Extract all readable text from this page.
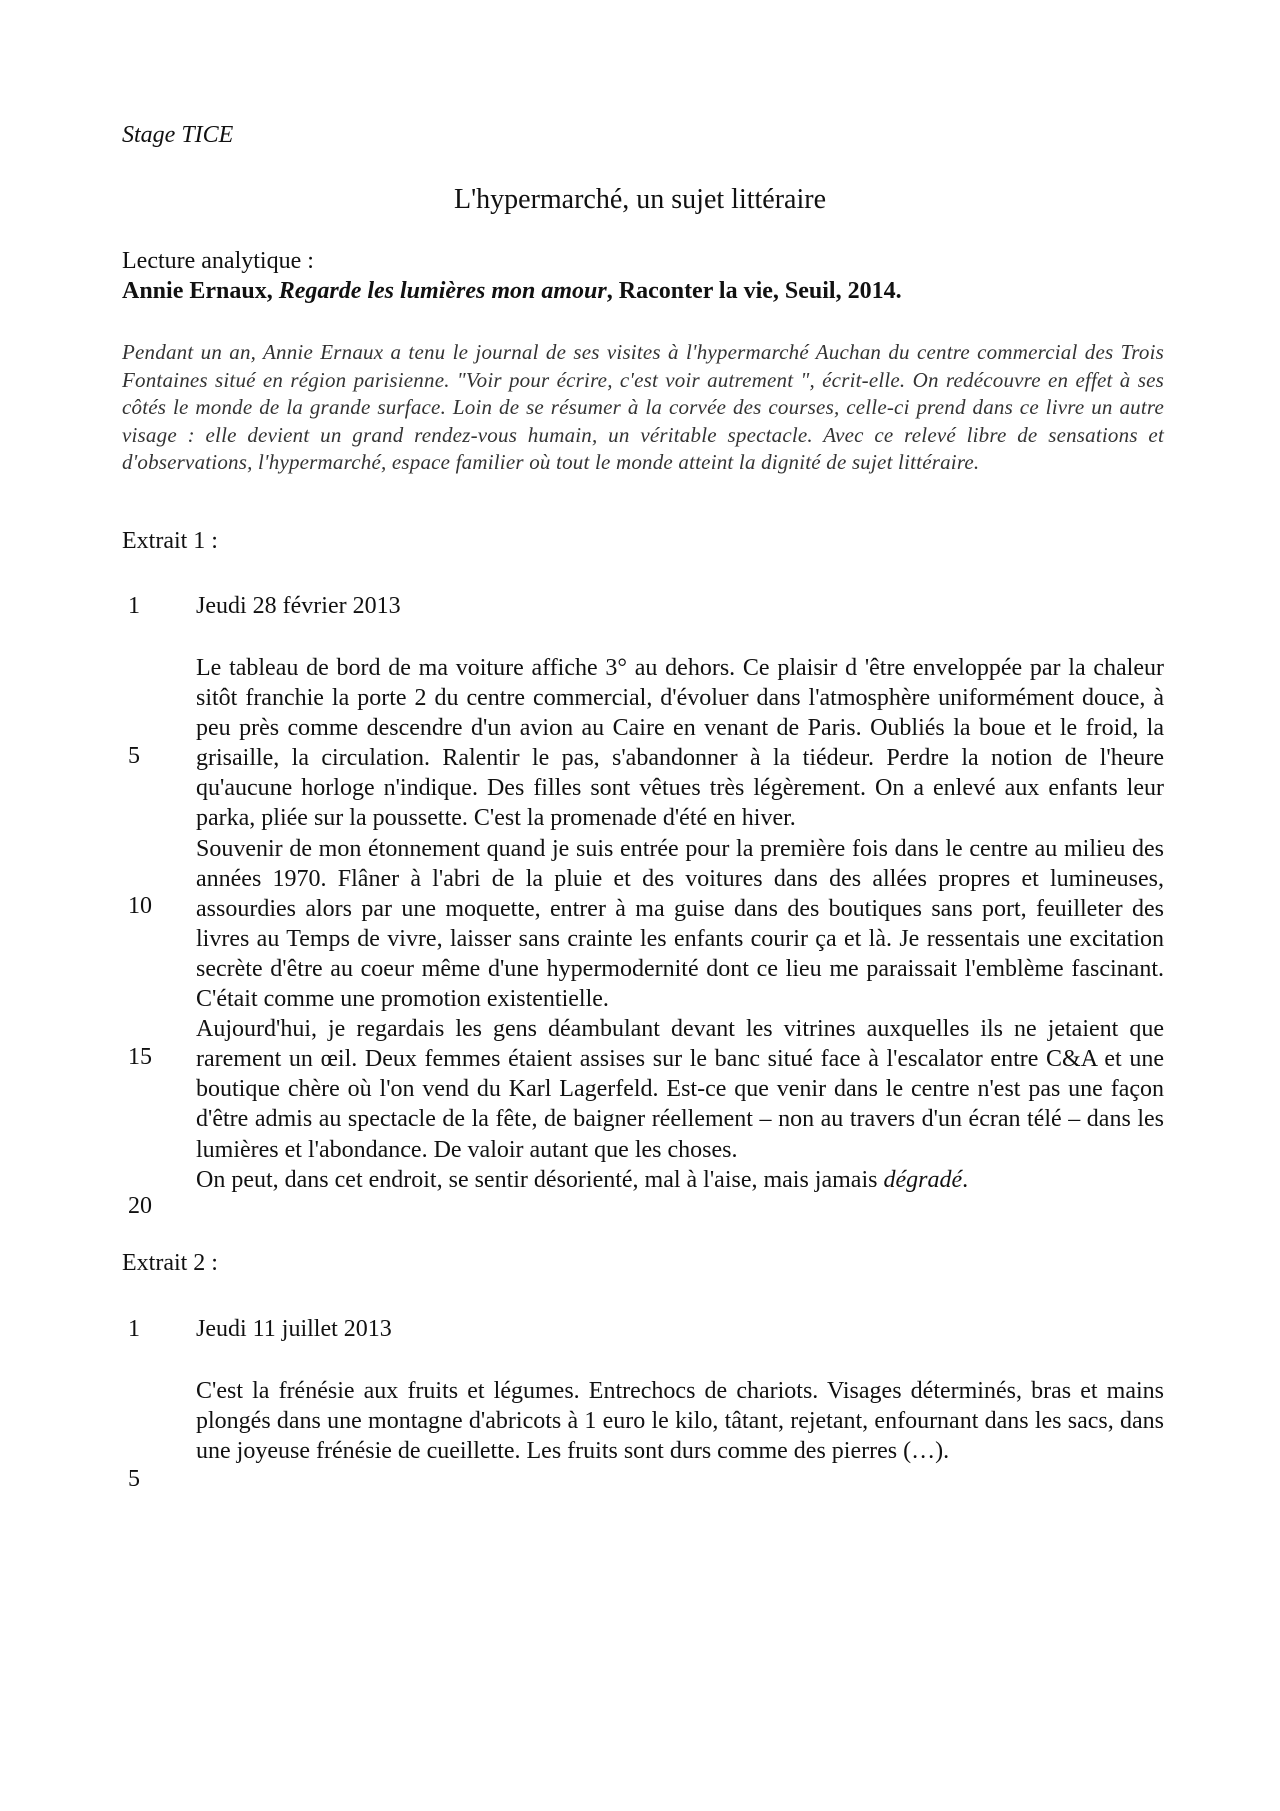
Stage TICE

L'hypermarché, un sujet littéraire

Lecture analytique :

Annie Ernaux, Regarde les lumières mon amour, Raconter la vie, Seuil, 2014.

Pendant un an, Annie Ernaux a tenu le journal de ses visites à l'hypermarché Auchan du centre commercial des Trois Fontaines situé en région parisienne. "Voir pour écrire, c'est voir autrement ", écrit-elle. On redécouvre en effet à ses côtés le monde de la grande surface. Loin de se résumer à la corvée des courses, celle-ci prend dans ce livre un autre visage : elle devient un grand rendez-vous humain, un véritable spectacle. Avec ce relevé libre de sensations et d'observations, l'hypermarché, espace familier où tout le monde atteint la dignité de sujet littéraire.

Extrait 1 :

1
5
10
15
20

Jeudi 28 février 2013

Le tableau de bord de ma voiture affiche 3° au dehors. Ce plaisir d 'être enveloppée par la chaleur sitôt franchie la porte 2 du centre commercial, d'évoluer dans l'atmosphère uniformément douce, à peu près comme descendre d'un avion au Caire en venant de Paris. Oubliés la boue et le froid, la grisaille, la circulation. Ralentir le pas, s'abandonner à la tiédeur. Perdre la notion de l'heure qu'aucune horloge n'indique. Des filles sont vêtues très légèrement. On a enlevé aux enfants leur parka, pliée sur la poussette. C'est la promenade d'été en hiver.
Souvenir de mon étonnement quand je suis entrée pour la première fois dans le centre au milieu des années 1970. Flâner à l'abri de la pluie et des voitures dans des allées propres et lumineuses, assourdies alors par une moquette, entrer à ma guise dans des boutiques sans port, feuilleter des livres au Temps de vivre, laisser sans crainte les enfants courir ça et là. Je ressentais une excitation secrète d'être au coeur même d'une hypermodernité dont ce lieu me paraissait l'emblème fascinant. C'était comme une promotion existentielle.
Aujourd'hui, je regardais les gens déambulant devant les vitrines auxquelles ils ne jetaient que rarement un œil. Deux femmes étaient assises sur le banc situé face à l'escalator entre C&A et une boutique chère où l'on vend du Karl Lagerfeld. Est-ce que venir dans le centre n'est pas une façon d'être admis au spectacle de la fête, de baigner réellement – non au travers d'un écran télé – dans les lumières et l'abondance. De valoir autant que les choses.
On peut, dans cet endroit, se sentir désorienté, mal à l'aise, mais jamais dégradé.

Extrait 2 :

1
5

Jeudi 11 juillet 2013

C'est la frénésie aux fruits et légumes. Entrechocs de chariots. Visages déterminés, bras et mains plongés dans une montagne d'abricots à 1 euro le kilo, tâtant, rejetant, enfournant dans les sacs, dans une joyeuse frénésie de cueillette. Les fruits sont durs comme des pierres (…).
